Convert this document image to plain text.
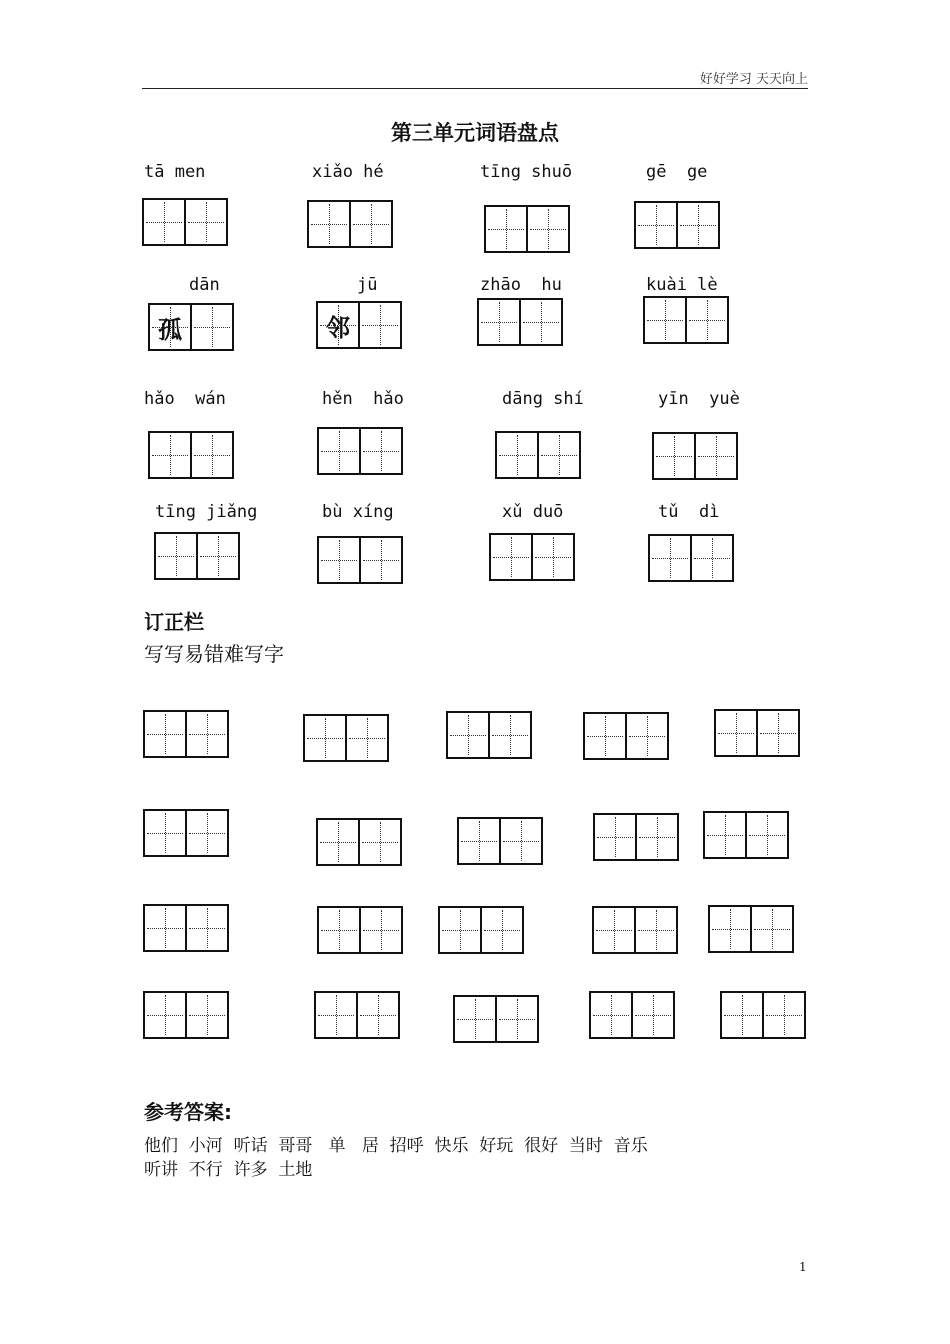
好好学习 天天向上
第三单元词语盘点
tā men	xiǎo hé	tīng shuō	gē  ge
dān	jū	zhāo  hu	kuài lè
hǎo  wán	hěn  hǎo	dāng shí	yīn  yuè
tīng jiǎng	bù xíng	xǔ duō	tǔ  dì
孤	邻
订正栏
写写易错难写字
参考答案:
他们  小河  听话  哥哥   单   居  招呼  快乐  好玩  很好  当时  音乐
听讲  不行  许多  土地
1
